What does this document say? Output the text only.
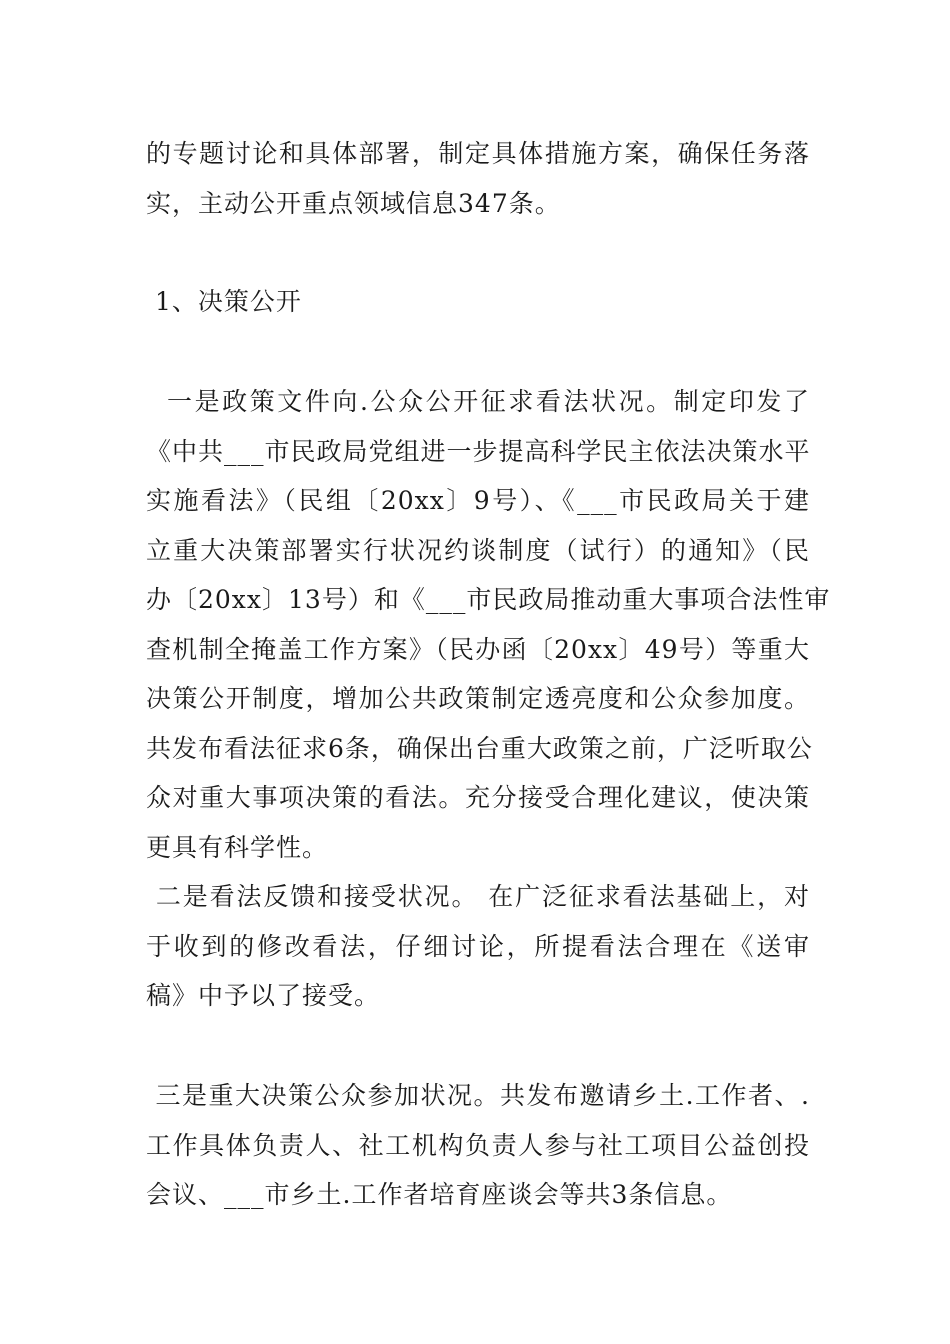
的专题讨论和具体部署，制定具体措施方案，确保任务落
实，主动公开重点领域信息347条。
1、决策公开
一是政策文件向.公众公开征求看法状况。制定印发了
《中共___市民政局党组进一步提高科学民主依法决策水平
实施看法》（民组〔20xx〕9号）、《___市民政局关于建
立重大决策部署实行状况约谈制度（试行）的通知》（民
办〔20xx〕13号）和《___市民政局推动重大事项合法性审
查机制全掩盖工作方案》（民办函〔20xx〕49号）等重大
决策公开制度，增加公共政策制定透亮度和公众参加度。
共发布看法征求6条，确保出台重大政策之前，广泛听取公
众对重大事项决策的看法。充分接受合理化建议，使决策
更具有科学性。
二是看法反馈和接受状况。 在广泛征求看法基础上，对
于收到的修改看法，仔细讨论，所提看法合理在《送审
稿》中予以了接受。
三是重大决策公众参加状况。共发布邀请乡土.工作者、.
工作具体负责人、社工机构负责人参与社工项目公益创投
会议、___市乡土.工作者培育座谈会等共3条信息。
